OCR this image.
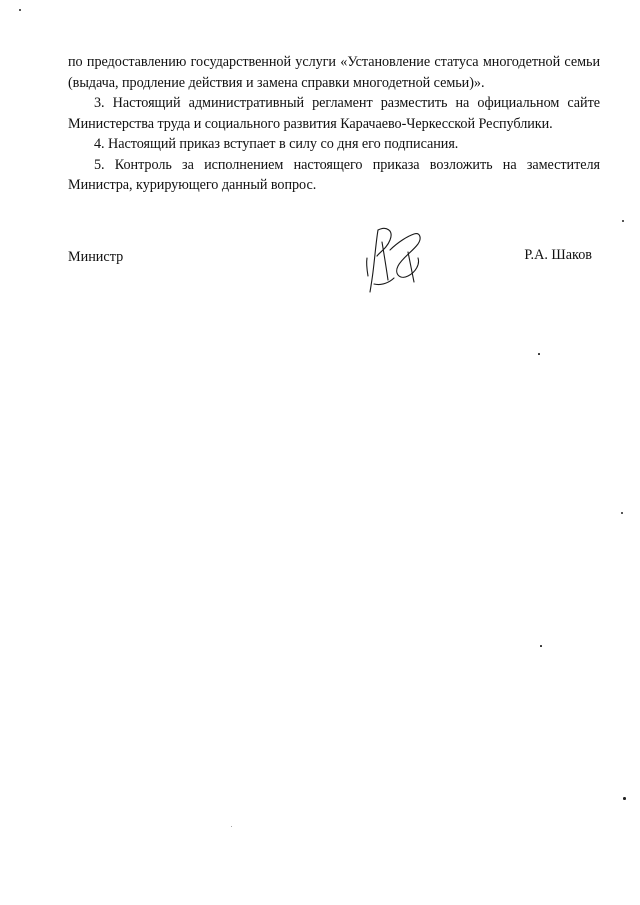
по предоставлению государственной услуги «Установление статуса многодетной семьи (выдача, продление действия и замена справки многодетной семьи)».

3. Настоящий административный регламент разместить на официальном сайте Министерства труда и социального развития Карачаево-Черкесской Республики.

4. Настоящий приказ вступает в силу со дня его подписания.

5. Контроль за исполнением настоящего приказа возложить на заместителя Министра, курирующего данный вопрос.

Министр	Р.А. Шаков
